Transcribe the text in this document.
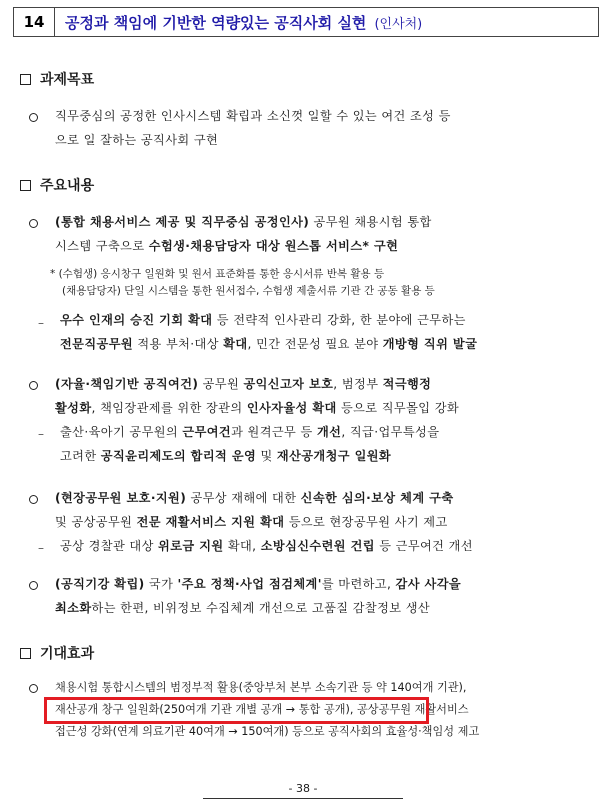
14	공정과 책임에 기반한 역량있는 공직사회 실현 (인사처)
과제목표
직무중심의 공정한 인사시스템 확립과 소신껏 일할 수 있는 여건 조성 등
으로 일 잘하는 공직사회 구현
주요내용
(통합 채용서비스 제공 및 직무중심 공정인사) 공무원 채용시험 통합
시스템 구축으로 수험생·채용담당자 대상 원스톱 서비스* 구현
* (수험생) 응시창구 일원화 및 원서 표준화를 통한 응시서류 반복 활용 등
(채용담당자) 단일 시스템을 통한 원서접수, 수험생 제출서류 기관 간 공동 활용 등
– 우수 인재의 승진 기회 확대 등 전략적 인사관리 강화, 한 분야에 근무하는
전문직공무원 적용 부처·대상 확대, 민간 전문성 필요 분야 개방형 직위 발굴
(자율·책임기반 공직여건) 공무원 공익신고자 보호, 범정부 적극행정
활성화, 책임장관제를 위한 장관의 인사자율성 확대 등으로 직무몰입 강화
– 출산·육아기 공무원의 근무여건과 원격근무 등 개선, 직급·업무특성을
고려한 공직윤리제도의 합리적 운영 및 재산공개청구 일원화
(현장공무원 보호·지원) 공무상 재해에 대한 신속한 심의·보상 체계 구축
및 공상공무원 전문 재활서비스 지원 확대 등으로 현장공무원 사기 제고
– 공상 경찰관 대상 위로금 지원 확대, 소방심신수련원 건립 등 근무여건 개선
(공직기강 확립) 국가 '주요 정책·사업 점검체계'를 마련하고, 감사 사각을
최소화하는 한편, 비위정보 수집체계 개선으로 고품질 감찰정보 생산
기대효과
채용시험 통합시스템의 범정부적 활용(중앙부처 본부 소속기관 등 약 140여개 기관),
재산공개 창구 일원화(250여개 기관 개별 공개 → 통합 공개), 공상공무원 재활서비스
접근성 강화(연계 의료기관 40여개 → 150여개) 등으로 공직사회의 효율성·책임성 제고
- 38 -
